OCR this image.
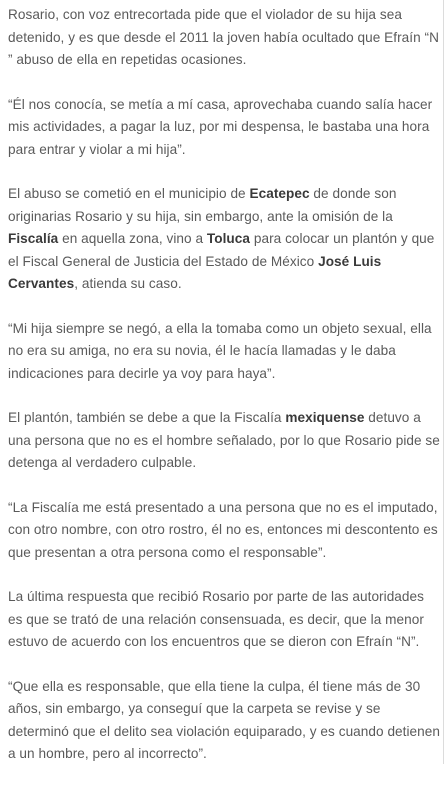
Rosario, con voz entrecortada pide que el violador de su hija sea detenido, y es que desde el 2011 la joven había ocultado que Efraín “N ” abuso de ella en repetidas ocasiones.

“Él nos conocía, se metía a mí casa, aprovechaba cuando salía hacer mis actividades, a pagar la luz, por mi despensa, le bastaba una hora para entrar y violar a mi hija”.

El abuso se cometió en el municipio de Ecatepec de donde son originarias Rosario y su hija, sin embargo, ante la omisión de la Fiscalía en aquella zona, vino a Toluca para colocar un plantón y que el Fiscal General de Justicia del Estado de México José Luis Cervantes, atienda su caso.

“Mi hija siempre se negó, a ella la tomaba como un objeto sexual, ella no era su amiga, no era su novia, él le hacía llamadas y le daba indicaciones para decirle ya voy para haya”.

El plantón, también se debe a que la Fiscalía mexiquense detuvo a una persona que no es el hombre señalado, por lo que Rosario pide se detenga al verdadero culpable.

“La Fiscalía me está presentado a una persona que no es el imputado, con otro nombre, con otro rostro, él no es, entonces mi descontento es que presentan a otra persona como el responsable”.

La última respuesta que recibió Rosario por parte de las autoridades es que se trató de una relación consensuada, es decir, que la menor estuvo de acuerdo con los encuentros que se dieron con Efraín “N”.

“Que ella es responsable, que ella tiene la culpa, él tiene más de 30 años, sin embargo, ya conseguí que la carpeta se revise y se determinó que el delito sea violación equiparado, y es cuando detienen a un hombre, pero al incorrecto”.
